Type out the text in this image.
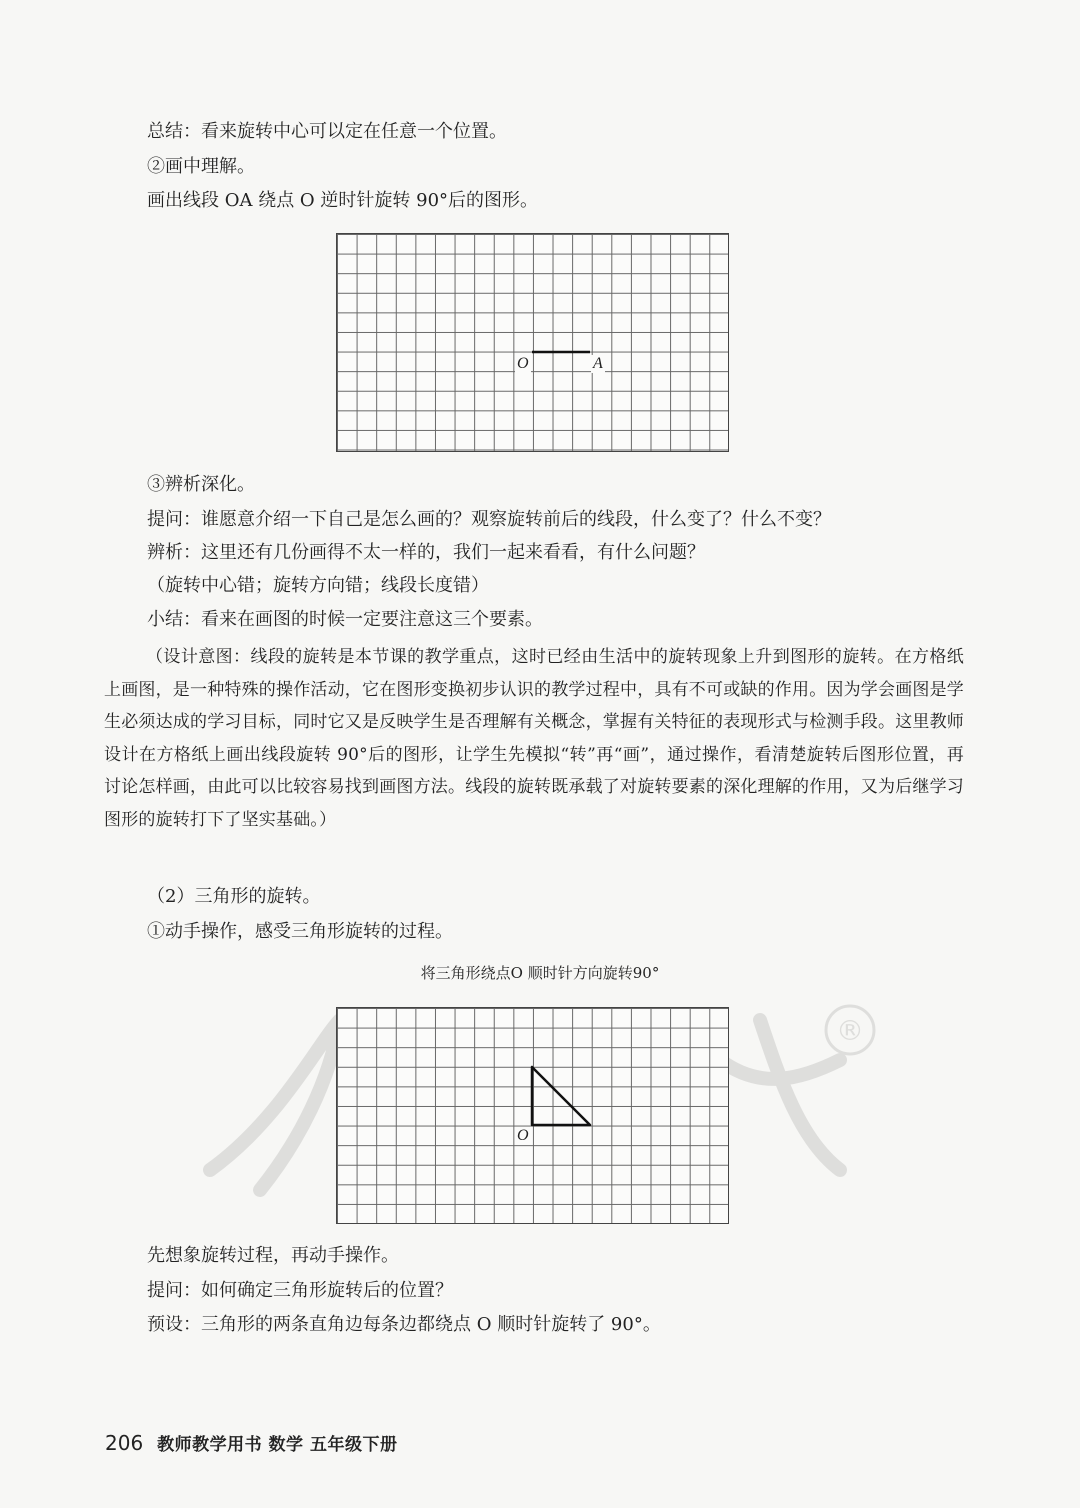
总结：看来旋转中心可以定在任意一个位置。
②画中理解。
画出线段 OA 绕点 O 逆时针旋转 90°后的图形。
O	A
③辨析深化。
提问：谁愿意介绍一下自己是怎么画的？观察旋转前后的线段，什么变了？什么不变？
辨析：这里还有几份画得不太一样的，我们一起来看看，有什么问题？
（旋转中心错；旋转方向错；线段长度错）
小结：看来在画图的时候一定要注意这三个要素。

（设计意图：线段的旋转是本节课的教学重点，这时已经由生活中的旋转现象上升到图形的旋转。在方格纸上画图，是一种特殊的操作活动，它在图形变换初步认识的教学过程中，具有不可或缺的作用。因为学会画图是学生必须达成的学习目标，同时它又是反映学生是否理解有关概念，掌握有关特征的表现形式与检测手段。这里教师设计在方格纸上画出线段旋转 90°后的图形，让学生先模拟“转”再“画”，通过操作，看清楚旋转后图形位置，再讨论怎样画，由此可以比较容易找到画图方法。线段的旋转既承载了对旋转要素的深化理解的作用，又为后继学习图形的旋转打下了坚实基础。）

（2）三角形的旋转。
①动手操作，感受三角形旋转的过程。
将三角形绕点O 顺时针方向旋转90°
®
O
先想象旋转过程，再动手操作。
提问：如何确定三角形旋转后的位置？
预设：三角形的两条直角边每条边都绕点 O 顺时针旋转了 90°。
206 教师教学用书 数学 五年级下册
